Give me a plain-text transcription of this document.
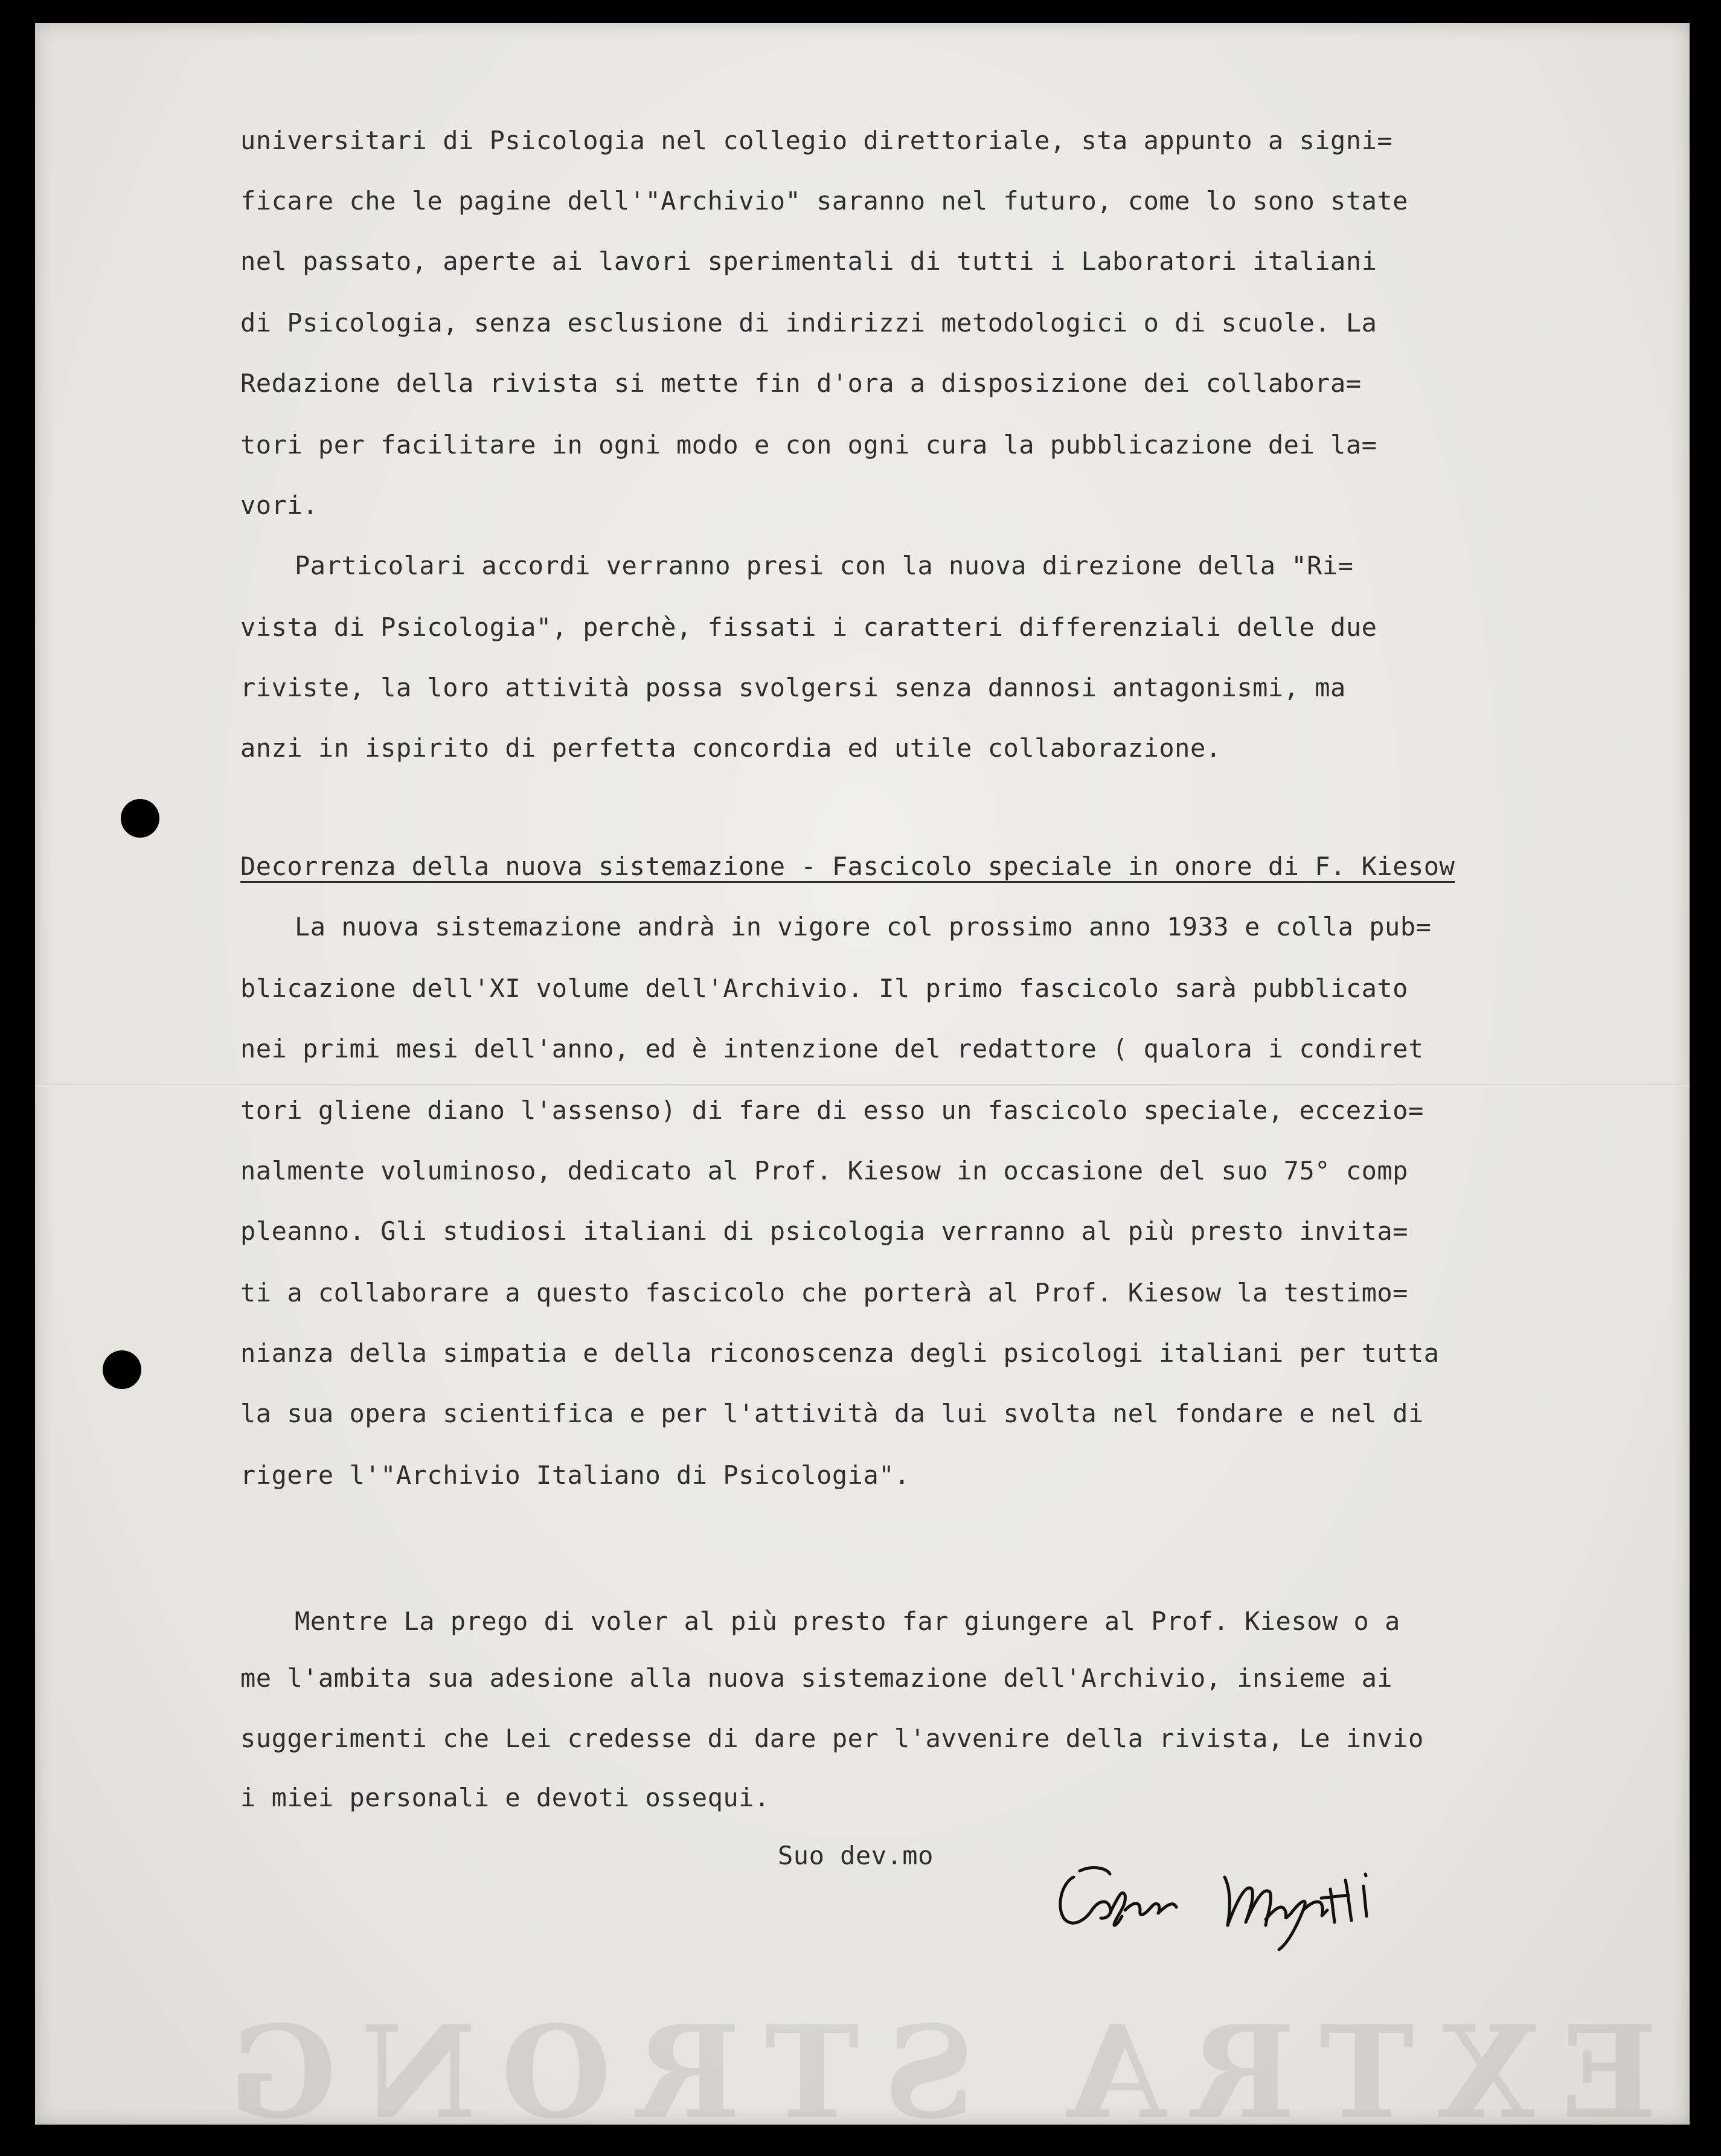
EXTRA STRONG
universitari di Psicologia nel collegio direttoriale, sta appunto a signi=
ficare che le pagine dell'"Archivio" saranno nel futuro, come lo sono state
nel passato, aperte ai lavori sperimentali di tutti i Laboratori italiani
di Psicologia, senza esclusione di indirizzi metodologici o di scuole. La
Redazione della rivista si mette fin d'ora a disposizione dei collabora=
tori per facilitare in ogni modo e con ogni cura la pubblicazione dei la=
vori.
Particolari accordi verranno presi con la nuova direzione della "Ri=
vista di Psicologia", perchè, fissati i caratteri differenziali delle due
riviste, la loro attività possa svolgersi senza dannosi antagonismi, ma
anzi in ispirito di perfetta concordia ed utile collaborazione.
Decorrenza della nuova sistemazione - Fascicolo speciale in onore di F. Kiesow
La nuova sistemazione andrà in vigore col prossimo anno 1933 e colla pub=
blicazione dell'XI volume dell'Archivio. Il primo fascicolo sarà pubblicato
nei primi mesi dell'anno, ed è intenzione del redattore ( qualora i condiret
tori gliene diano l'assenso) di fare di esso un fascicolo speciale, eccezio=
nalmente voluminoso, dedicato al Prof. Kiesow in occasione del suo 75° comp
pleanno. Gli studiosi italiani di psicologia verranno al più presto invita=
ti a collaborare a questo fascicolo che porterà al Prof. Kiesow la testimo=
nianza della simpatia e della riconoscenza degli psicologi italiani per tutta
la sua opera scientifica e per l'attività da lui svolta nel fondare e nel di
rigere l'"Archivio Italiano di Psicologia".
Mentre La prego di voler al più presto far giungere al Prof. Kiesow o a
me l'ambita sua adesione alla nuova sistemazione dell'Archivio, insieme ai
suggerimenti che Lei credesse di dare per l'avvenire della rivista, Le invio
i miei personali e devoti ossequi.
Suo dev.mo
